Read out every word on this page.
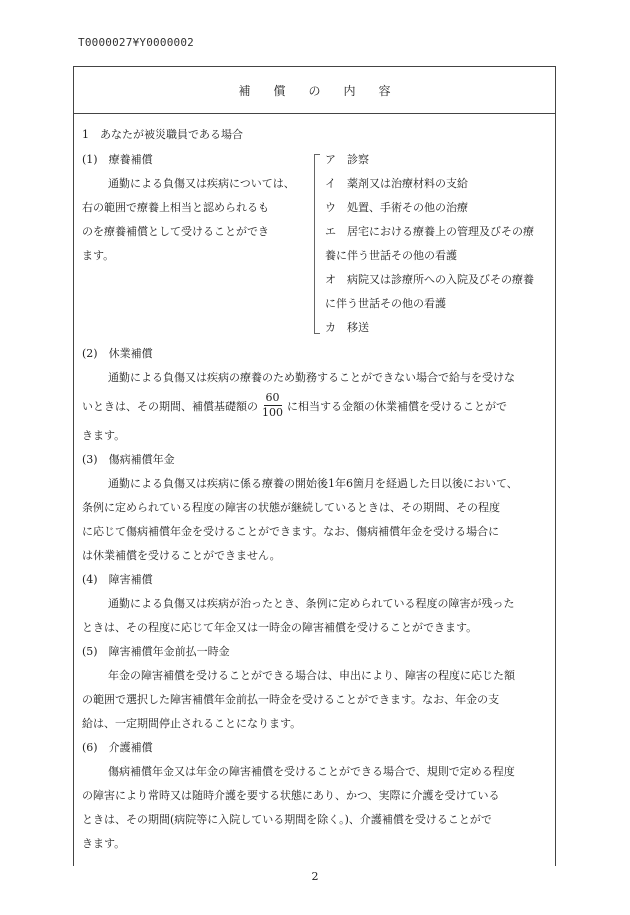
T0000027¥Y0000002
補償の内容
1　あなたが被災職員である場合
(1)　療養補償
通勤による負傷又は疾病については、
右の範囲で療養上相当と認められるも
のを療養補償として受けることができ
ます。
ア　診察
イ　薬剤又は治療材料の支給
ウ　処置、手術その他の治療
エ　居宅における療養上の管理及びその療
養に伴う世話その他の看護
オ　病院又は診療所への入院及びその療養
に伴う世話その他の看護
カ　移送
(2)　休業補償
通勤による負傷又は疾病の療養のため勤務することができない場合で給与を受けな
いときは、その期間、補償基礎額の $\frac{60}{100}$ に相当する金額の休業補償を受けることがで
きます。
(3)　傷病補償年金
通勤による負傷又は疾病に係る療養の開始後1年6箇月を経過した日以後において、
条例に定められている程度の障害の状態が継続しているときは、その期間、その程度
に応じて傷病補償年金を受けることができます。なお、傷病補償年金を受ける場合に
は休業補償を受けることができません。
(4)　障害補償
通勤による負傷又は疾病が治ったとき、条例に定められている程度の障害が残った
ときは、その程度に応じて年金又は一時金の障害補償を受けることができます。
(5)　障害補償年金前払一時金
年金の障害補償を受けることができる場合は、申出により、障害の程度に応じた額
の範囲で選択した障害補償年金前払一時金を受けることができます。なお、年金の支
給は、一定期間停止されることになります。
(6)　介護補償
傷病補償年金又は年金の障害補償を受けることができる場合で、規則で定める程度
の障害により常時又は随時介護を要する状態にあり、かつ、実際に介護を受けている
ときは、その期間(病院等に入院している期間を除く。)、介護補償を受けることがで
きます。
2
